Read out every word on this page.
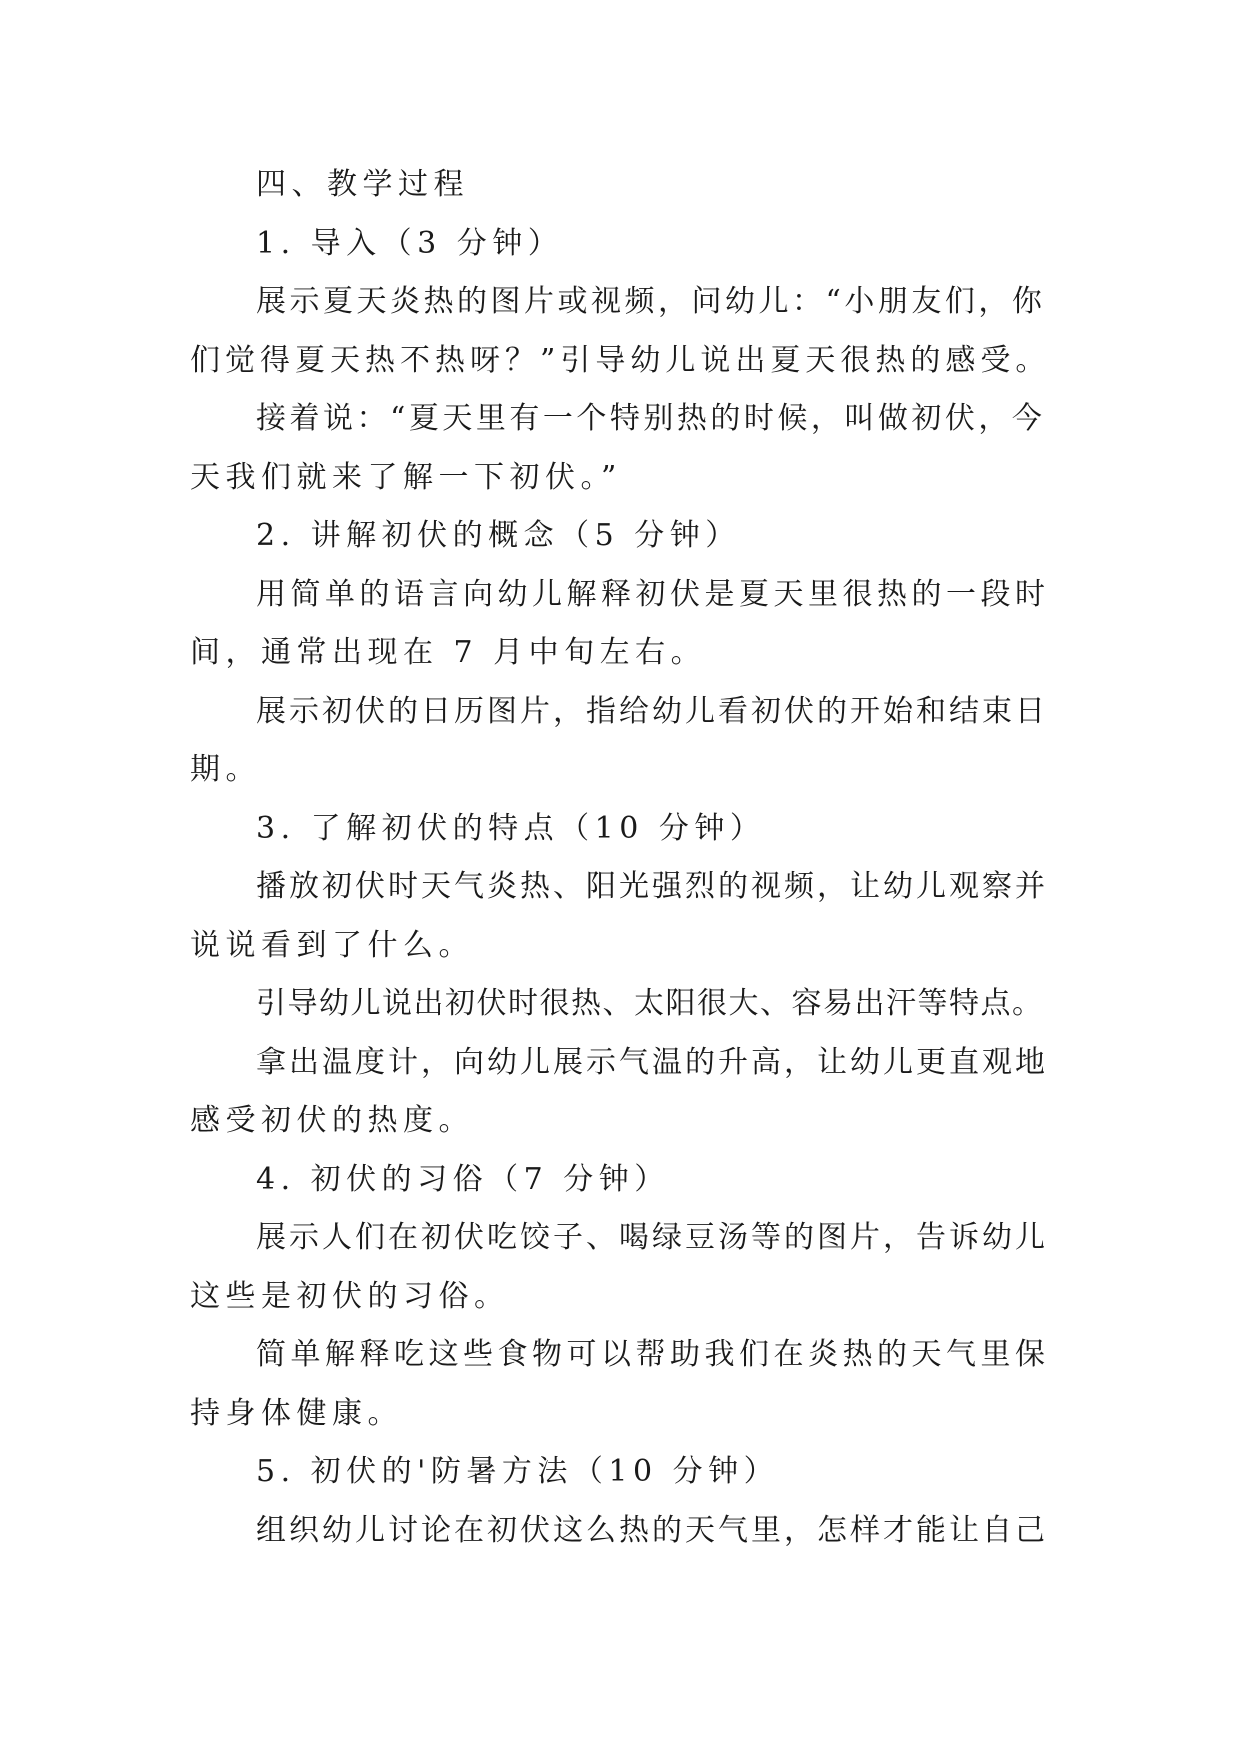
四、教学过程
1. 导入（3 分钟）
展示夏天炎热的图片或视频，问幼儿：“小朋友们，你
们觉得夏天热不热呀？”引导幼儿说出夏天很热的感受。
接着说：“夏天里有一个特别热的时候，叫做初伏，今
天我们就来了解一下初伏。”
2. 讲解初伏的概念（5 分钟）
用简单的语言向幼儿解释初伏是夏天里很热的一段时
间，通常出现在 7 月中旬左右。
展示初伏的日历图片，指给幼儿看初伏的开始和结束日
期。
3. 了解初伏的特点（10 分钟）
播放初伏时天气炎热、阳光强烈的视频，让幼儿观察并
说说看到了什么。
引导幼儿说出初伏时很热、太阳很大、容易出汗等特点。
拿出温度计，向幼儿展示气温的升高，让幼儿更直观地
感受初伏的热度。
4. 初伏的习俗（7 分钟）
展示人们在初伏吃饺子、喝绿豆汤等的图片，告诉幼儿
这些是初伏的习俗。
简单解释吃这些食物可以帮助我们在炎热的天气里保
持身体健康。
5. 初伏的'防暑方法（10 分钟）
组织幼儿讨论在初伏这么热的天气里，怎样才能让自己
